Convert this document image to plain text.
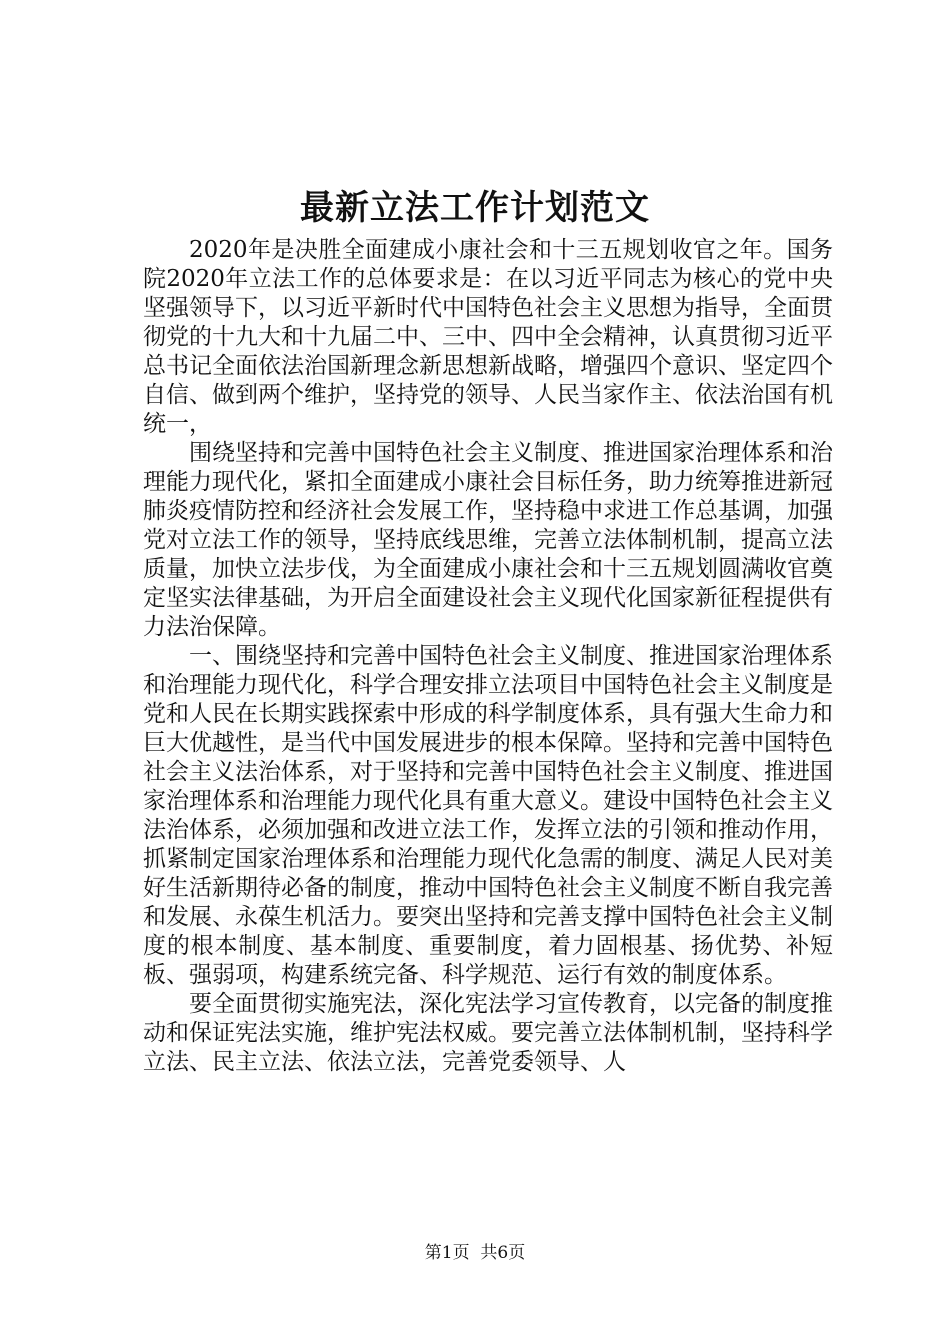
最新立法工作计划范文

2020年是决胜全面建成小康社会和十三五规划收官之年。国务院2020年立法工作的总体要求是：在以习近平同志为核心的党中央坚强领导下，以习近平新时代中国特色社会主义思想为指导，全面贯彻党的十九大和十九届二中、三中、四中全会精神，认真贯彻习近平总书记全面依法治国新理念新思想新战略，增强四个意识、坚定四个自信、做到两个维护，坚持党的领导、人民当家作主、依法治国有机统一，

围绕坚持和完善中国特色社会主义制度、推进国家治理体系和治理能力现代化，紧扣全面建成小康社会目标任务，助力统筹推进新冠肺炎疫情防控和经济社会发展工作，坚持稳中求进工作总基调，加强党对立法工作的领导，坚持底线思维，完善立法体制机制，提高立法质量，加快立法步伐，为全面建成小康社会和十三五规划圆满收官奠定坚实法律基础，为开启全面建设社会主义现代化国家新征程提供有力法治保障。

一、围绕坚持和完善中国特色社会主义制度、推进国家治理体系和治理能力现代化，科学合理安排立法项目中国特色社会主义制度是党和人民在长期实践探索中形成的科学制度体系，具有强大生命力和巨大优越性，是当代中国发展进步的根本保障。坚持和完善中国特色社会主义法治体系，对于坚持和完善中国特色社会主义制度、推进国家治理体系和治理能力现代化具有重大意义。建设中国特色社会主义法治体系，必须加强和改进立法工作，发挥立法的引领和推动作用，抓紧制定国家治理体系和治理能力现代化急需的制度、满足人民对美好生活新期待必备的制度，推动中国特色社会主义制度不断自我完善和发展、永葆生机活力。要突出坚持和完善支撑中国特色社会主义制度的根本制度、基本制度、重要制度，着力固根基、扬优势、补短板、强弱项，构建系统完备、科学规范、运行有效的制度体系。

要全面贯彻实施宪法，深化宪法学习宣传教育，以完备的制度推动和保证宪法实施，维护宪法权威。要完善立法体制机制，坚持科学立法、民主立法、依法立法，完善党委领导、人

第1页 共6页
